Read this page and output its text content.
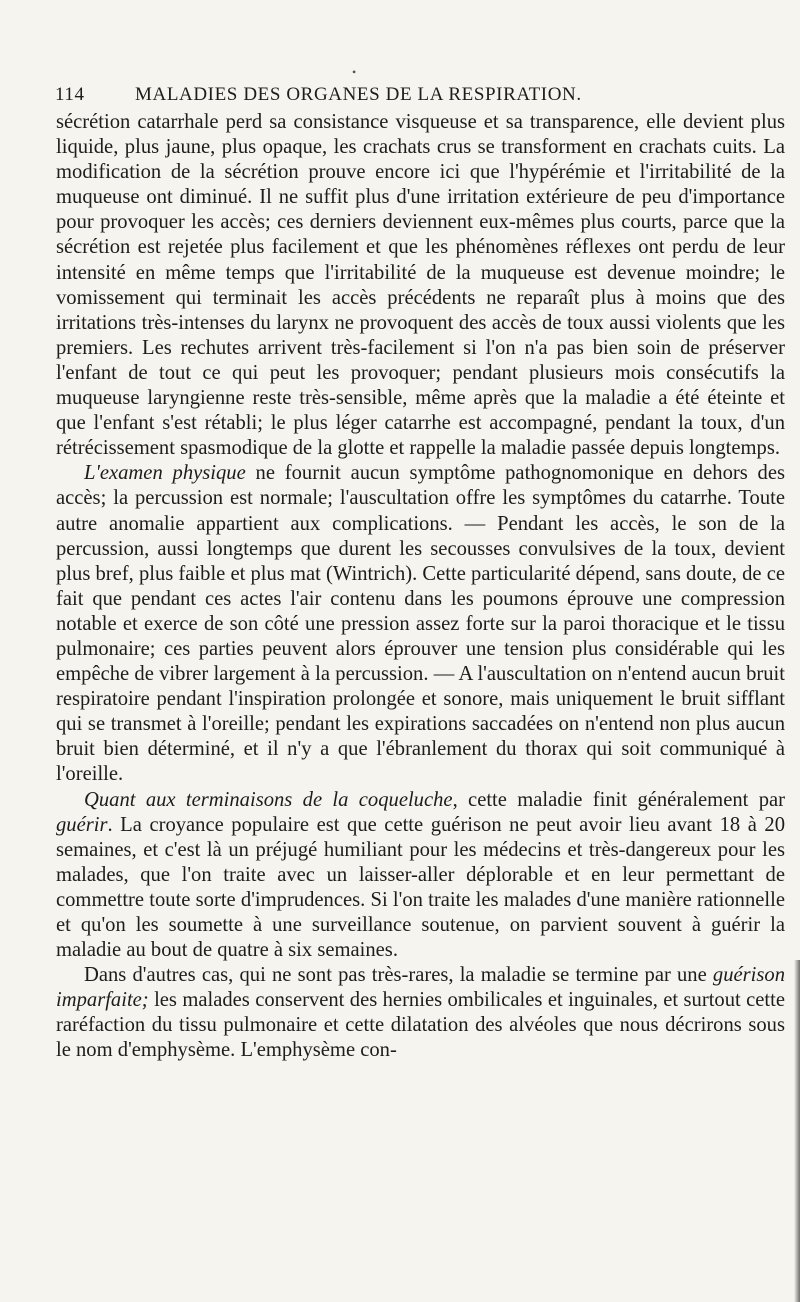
•
114	MALADIES DES ORGANES DE LA RESPIRATION.

sécrétion catarrhale perd sa consistance visqueuse et sa transparence, elle devient plus liquide, plus jaune, plus opaque, les crachats crus se transforment en crachats cuits. La modification de la sécrétion prouve encore ici que l'hypérémie et l'irritabilité de la muqueuse ont diminué. Il ne suffit plus d'une irritation extérieure de peu d'importance pour provoquer les accès; ces derniers deviennent eux-mêmes plus courts, parce que la sécrétion est rejetée plus facilement et que les phénomènes réflexes ont perdu de leur intensité en même temps que l'irritabilité de la muqueuse est devenue moindre; le vomissement qui terminait les accès précédents ne reparaît plus à moins que des irritations très-intenses du larynx ne provoquent des accès de toux aussi violents que les premiers. Les rechutes arrivent très-facilement si l'on n'a pas bien soin de préserver l'enfant de tout ce qui peut les provoquer; pendant plusieurs mois consécutifs la muqueuse laryngienne reste très-sensible, même après que la maladie a été éteinte et que l'enfant s'est rétabli; le plus léger catarrhe est accompagné, pendant la toux, d'un rétrécissement spasmodique de la glotte et rappelle la maladie passée depuis longtemps.

L'examen physique ne fournit aucun symptôme pathognomonique en dehors des accès; la percussion est normale; l'auscultation offre les symptômes du catarrhe. Toute autre anomalie appartient aux complications. — Pendant les accès, le son de la percussion, aussi longtemps que durent les secousses convulsives de la toux, devient plus bref, plus faible et plus mat (Wintrich). Cette particularité dépend, sans doute, de ce fait que pendant ces actes l'air contenu dans les poumons éprouve une compression notable et exerce de son côté une pression assez forte sur la paroi thoracique et le tissu pulmonaire; ces parties peuvent alors éprouver une tension plus considérable qui les empêche de vibrer largement à la percussion. — A l'auscultation on n'entend aucun bruit respiratoire pendant l'inspiration prolongée et sonore, mais uniquement le bruit sifflant qui se transmet à l'oreille; pendant les expirations saccadées on n'entend non plus aucun bruit bien déterminé, et il n'y a que l'ébranlement du thorax qui soit communiqué à l'oreille.

Quant aux terminaisons de la coqueluche, cette maladie finit généralement par guérir. La croyance populaire est que cette guérison ne peut avoir lieu avant 18 à 20 semaines, et c'est là un préjugé humiliant pour les médecins et très-dangereux pour les malades, que l'on traite avec un laisser-aller déplorable et en leur permettant de commettre toute sorte d'imprudences. Si l'on traite les malades d'une manière rationnelle et qu'on les soumette à une surveillance soutenue, on parvient souvent à guérir la maladie au bout de quatre à six semaines.

Dans d'autres cas, qui ne sont pas très-rares, la maladie se termine par une guérison imparfaite; les malades conservent des hernies ombilicales et inguinales, et surtout cette raréfaction du tissu pulmonaire et cette dilatation des alvéoles que nous décrirons sous le nom d'emphysème. L'emphysème con-
